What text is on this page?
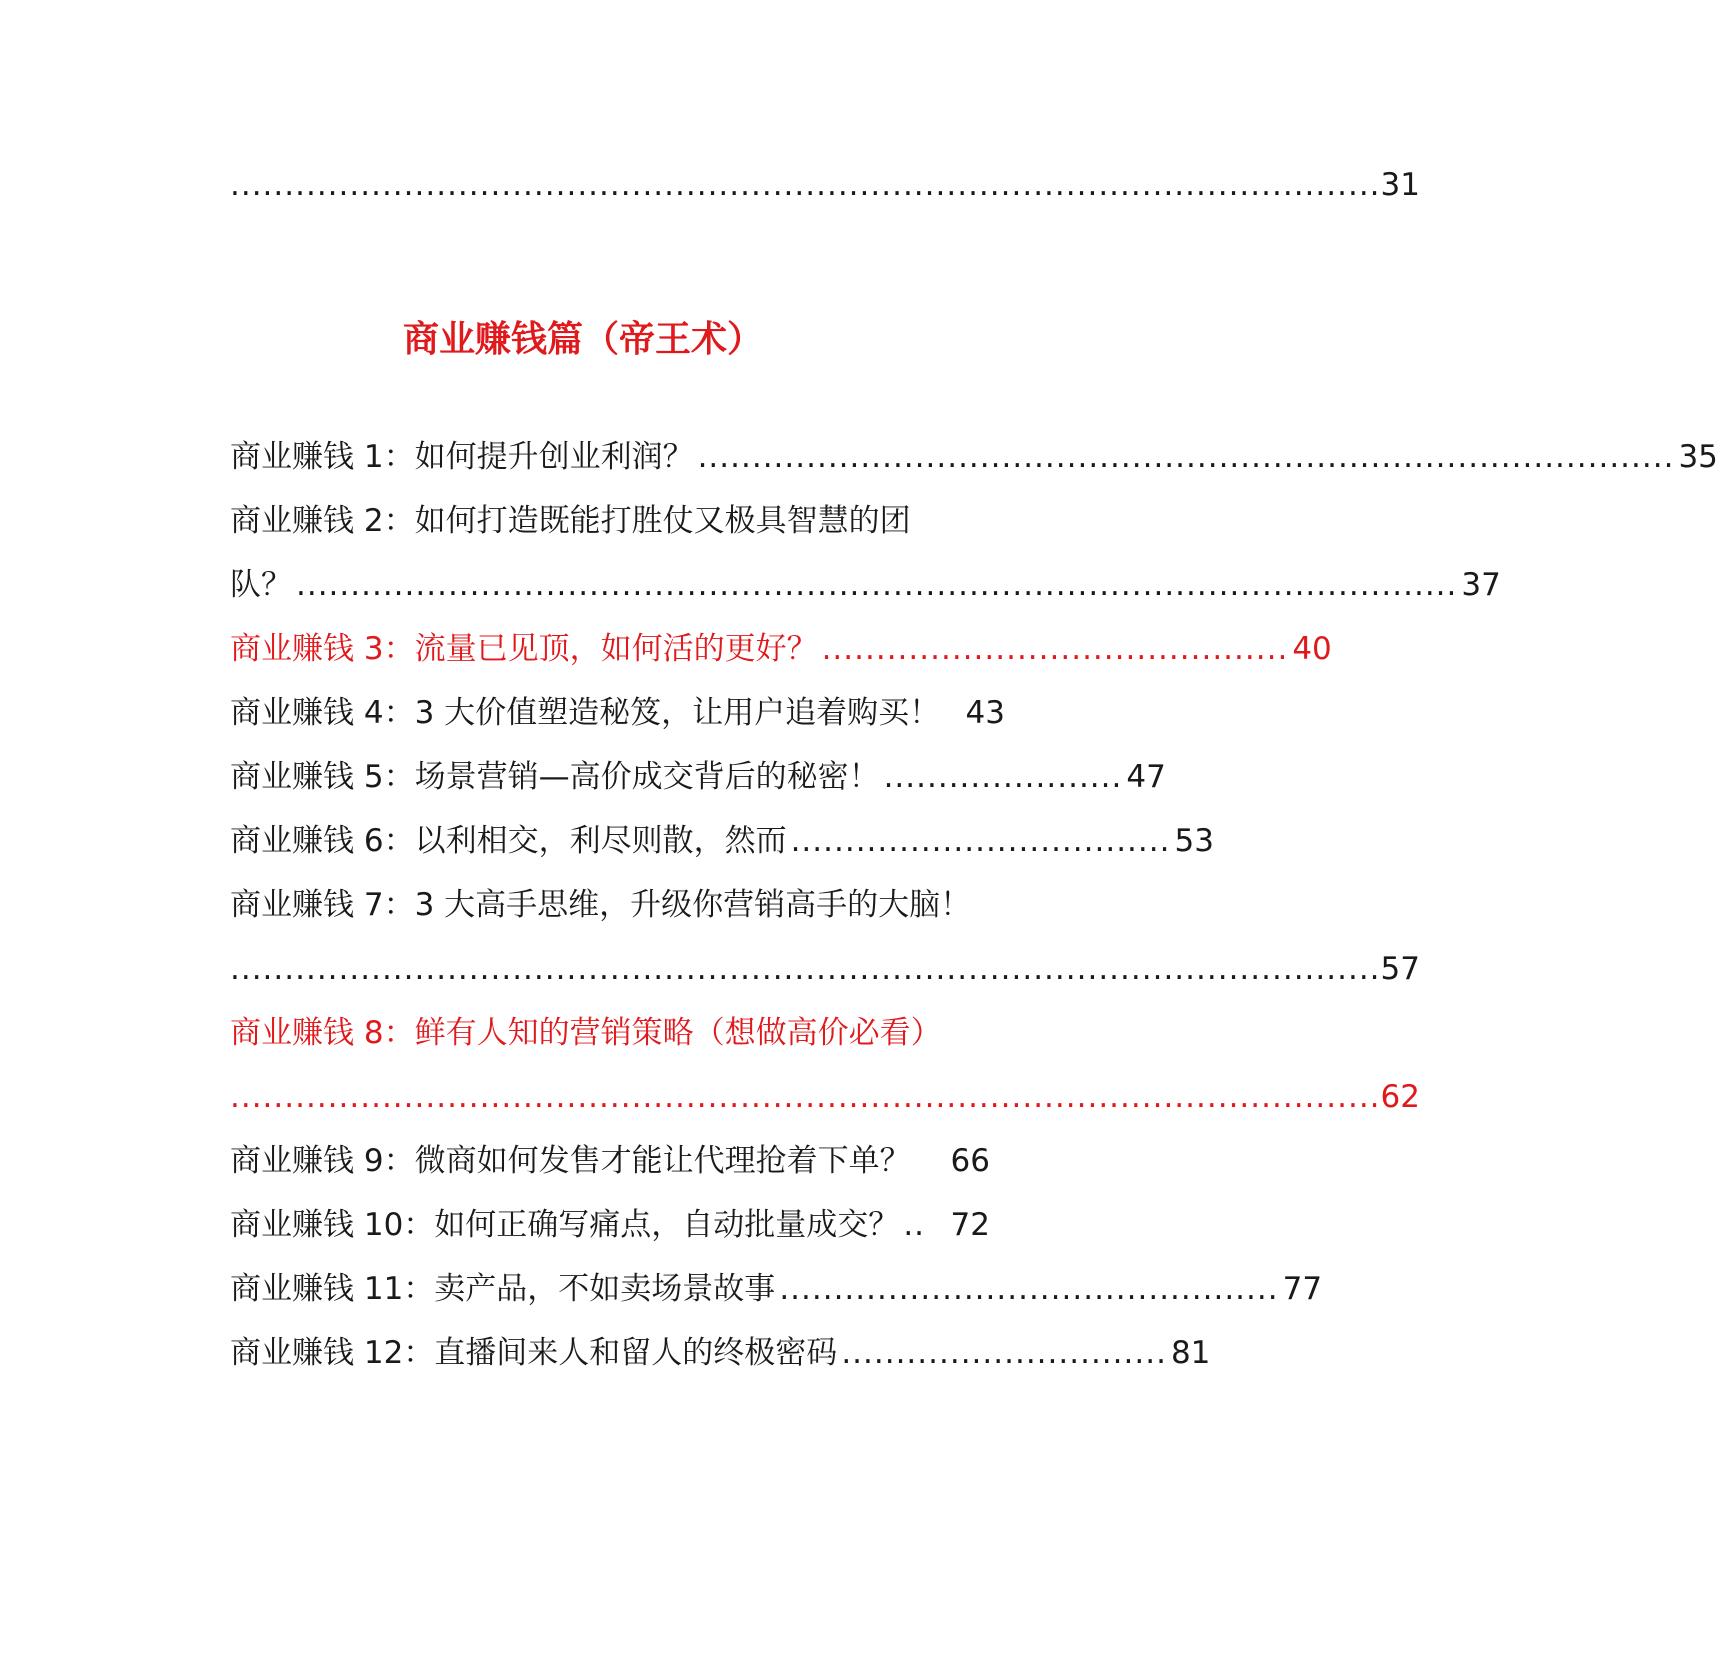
.......................................................................................................... 31
商业赚钱篇（帝王术）
商业赚钱 1：如何提升创业利润？ .......................................................................................... 35
商业赚钱 2：如何打造既能打胜仗又极具智慧的团
队？ ........................................................................................................... 37
商业赚钱 3：流量已见顶，如何活的更好？ ........................................... 40
商业赚钱 4：3 大价值塑造秘笈，让用户追着购买！ 43
商业赚钱 5：场景营销—高价成交背后的秘密！ ...................... 47
商业赚钱 6：以利相交，利尽则散，然而 ................................... 53
商业赚钱 7：3 大高手思维，升级你营销高手的大脑！
.......................................................................................................... 57
商业赚钱 8：鲜有人知的营销策略（想做高价必看）
.......................................................................................................... 62
商业赚钱 9：微商如何发售才能让代理抢着下单？ 66
商业赚钱 10：如何正确写痛点，自动批量成交？ .. 72
商业赚钱 11：卖产品，不如卖场景故事 .............................................. 77
商业赚钱 12：直播间来人和留人的终极密码 .............................. 81
